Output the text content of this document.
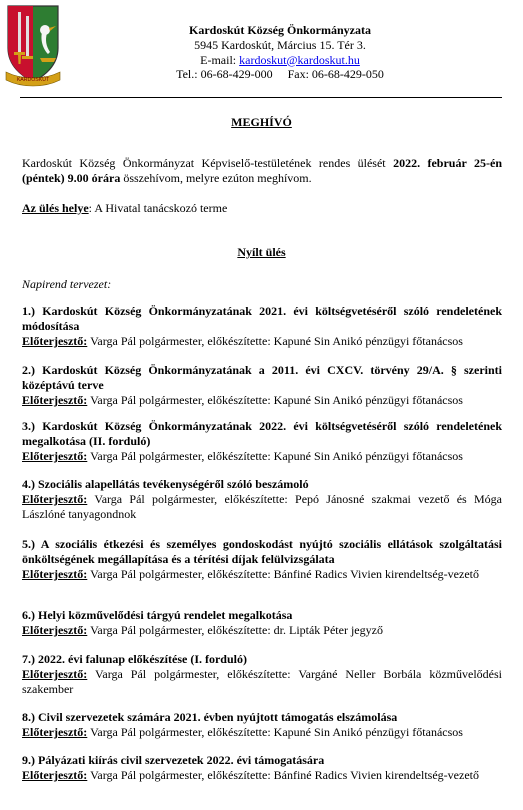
KARDOSKÚT
Kardoskút Község Önkormányzata
5945 Kardoskút, Március 15. Tér 3.
E-mail: kardoskut@kardoskut.hu
Tel.: 06-68-429-000     Fax: 06-68-429-050
MEGHÍVÓ
Kardoskút Község Önkormányzat Képviselő-testületének rendes ülését 2022. február 25-én (péntek) 9.00 órára összehívom, melyre ezúton meghívom.
Az ülés helye: A Hivatal tanácskozó terme
Nyílt ülés
Napirend tervezet:
1.) Kardoskút Község Önkormányzatának 2021. évi költségvetéséről szóló rendeletének módosítása
Előterjesztő: Varga Pál polgármester, előkészítette: Kapuné Sin Anikó pénzügyi főtanácsos
2.) Kardoskút Község Önkormányzatának a 2011. évi CXCV. törvény 29/A. § szerinti középtávú terve
Előterjesztő: Varga Pál polgármester, előkészítette: Kapuné Sin Anikó pénzügyi főtanácsos
3.) Kardoskút Község Önkormányzatának 2022. évi költségvetéséről szóló rendeletének megalkotása (II. forduló)
Előterjesztő: Varga Pál polgármester, előkészítette: Kapuné Sin Anikó pénzügyi főtanácsos
4.) Szociális alapellátás tevékenységéről szóló beszámoló
Előterjesztő: Varga Pál polgármester, előkészítette: Pepó Jánosné szakmai vezető és Móga Lászlóné tanyagondnok
5.) A szociális étkezési és személyes gondoskodást nyújtó szociális ellátások szolgáltatási önköltségének megállapítása és a térítési díjak felülvizsgálata
Előterjesztő: Varga Pál polgármester, előkészítette: Bánfiné Radics Vivien kirendeltség-vezető
6.) Helyi közművelődési tárgyú rendelet megalkotása
Előterjesztő: Varga Pál polgármester, előkészítette: dr. Lipták Péter jegyző
7.) 2022. évi falunap előkészítése (I. forduló)
Előterjesztő: Varga Pál polgármester, előkészítette: Vargáné Neller Borbála közművelődési szakember
8.) Civil szervezetek számára 2021. évben nyújtott támogatás elszámolása
Előterjesztő: Varga Pál polgármester, előkészítette: Kapuné Sin Anikó pénzügyi főtanácsos
9.) Pályázati kiírás civil szervezetek 2022. évi támogatására
Előterjesztő: Varga Pál polgármester, előkészítette: Bánfiné Radics Vivien kirendeltség-vezető
